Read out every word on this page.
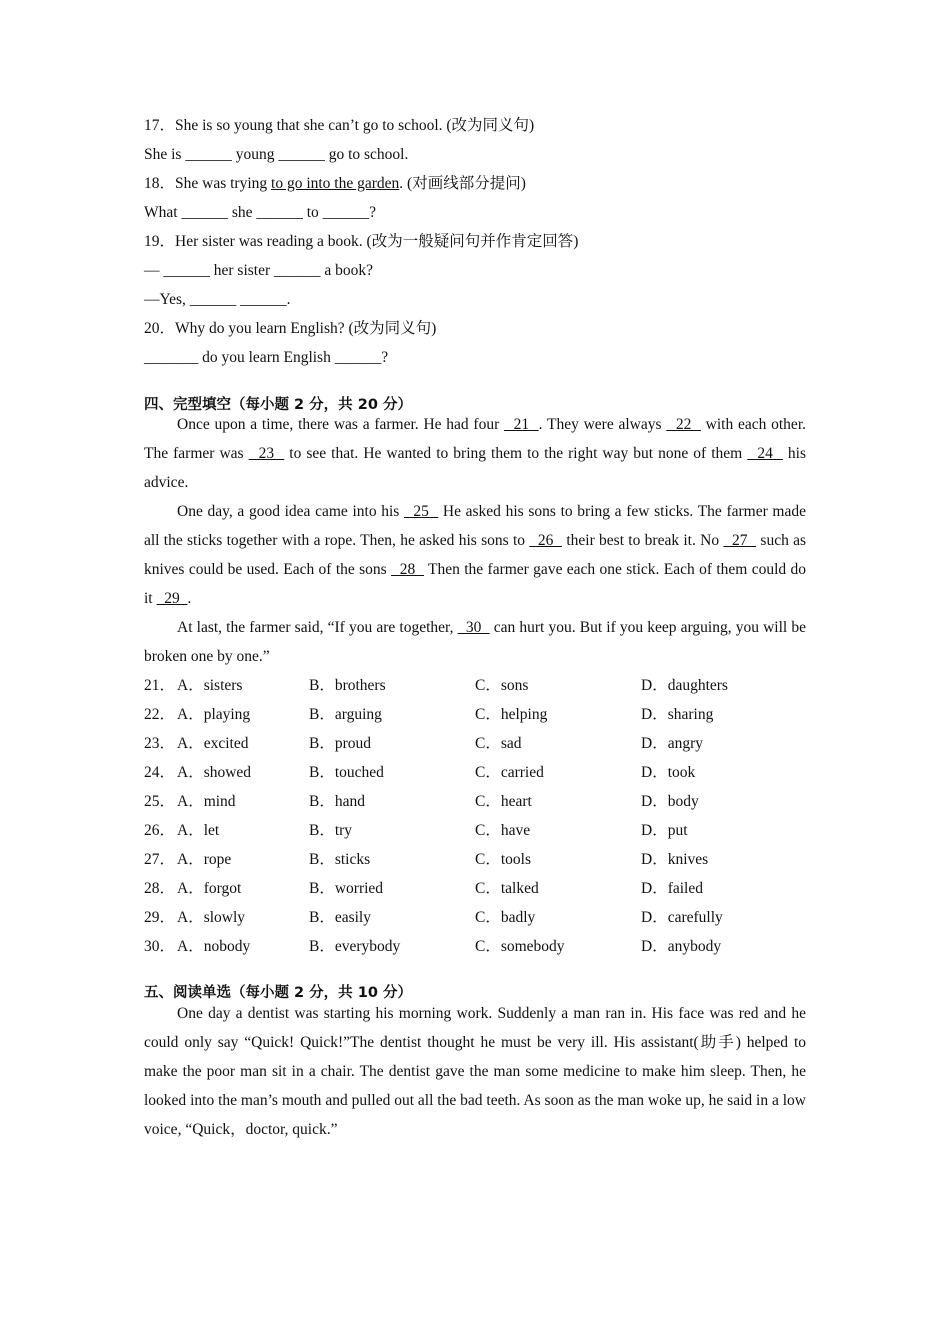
17．She is so young that she can’t go to school. (改为同义句)
She is ______ young ______ go to school.
18．She was trying to go into the garden. (对画线部分提问)
What ______ she ______ to ______?
19．Her sister was reading a book. (改为一般疑问句并作肯定回答)
— ______ her sister ______ a book?
—Yes, ______ ______.
20．Why do you learn English? (改为同义句)
_______ do you learn English ______?
四、完型填空（每小题 2 分，共 20 分）

Once upon a time, there was a farmer. He had four   21  . They were always   22   with each other. The farmer was   23   to see that. He wanted to bring them to the right way but none of them   24   his advice.

One day, a good idea came into his   25   He asked his sons to bring a few sticks. The farmer made all the sticks together with a rope. Then, he asked his sons to   26   their best to break it. No   27   such as knives could be used. Each of the sons   28   Then the farmer gave each one stick. Each of them could do it   29  .

At last, the farmer said, “If you are together,   30   can hurt you. But if you keep arguing, you will be broken one by one.”

21． A．sisters	B．brothers	C．sons	D．daughters
22． A．playing	B．arguing	C．helping	D．sharing
23． A．excited	B．proud	C．sad	D．angry
24． A．showed	B．touched	C．carried	D．took
25． A．mind	B．hand	C．heart	D．body
26． A．let	B．try	C．have	D．put
27． A．rope	B．sticks	C．tools	D．knives
28． A．forgot	B．worried	C．talked	D．failed
29． A．slowly	B．easily	C．badly	D．carefully
30． A．nobody	B．everybody	C．somebody	D．anybody
五、阅读单选（每小题 2 分，共 10 分）

One day a dentist was starting his morning work. Suddenly a man ran in. His face was red and he could only say “Quick! Quick!”The dentist thought he must be very ill. His assistant(助手) helped to make the poor man sit in a chair. The dentist gave the man some medicine to make him sleep. Then, he looked into the man’s mouth and pulled out all the bad teeth. As soon as the man woke up, he said in a low voice, “Quick，doctor, quick.”
